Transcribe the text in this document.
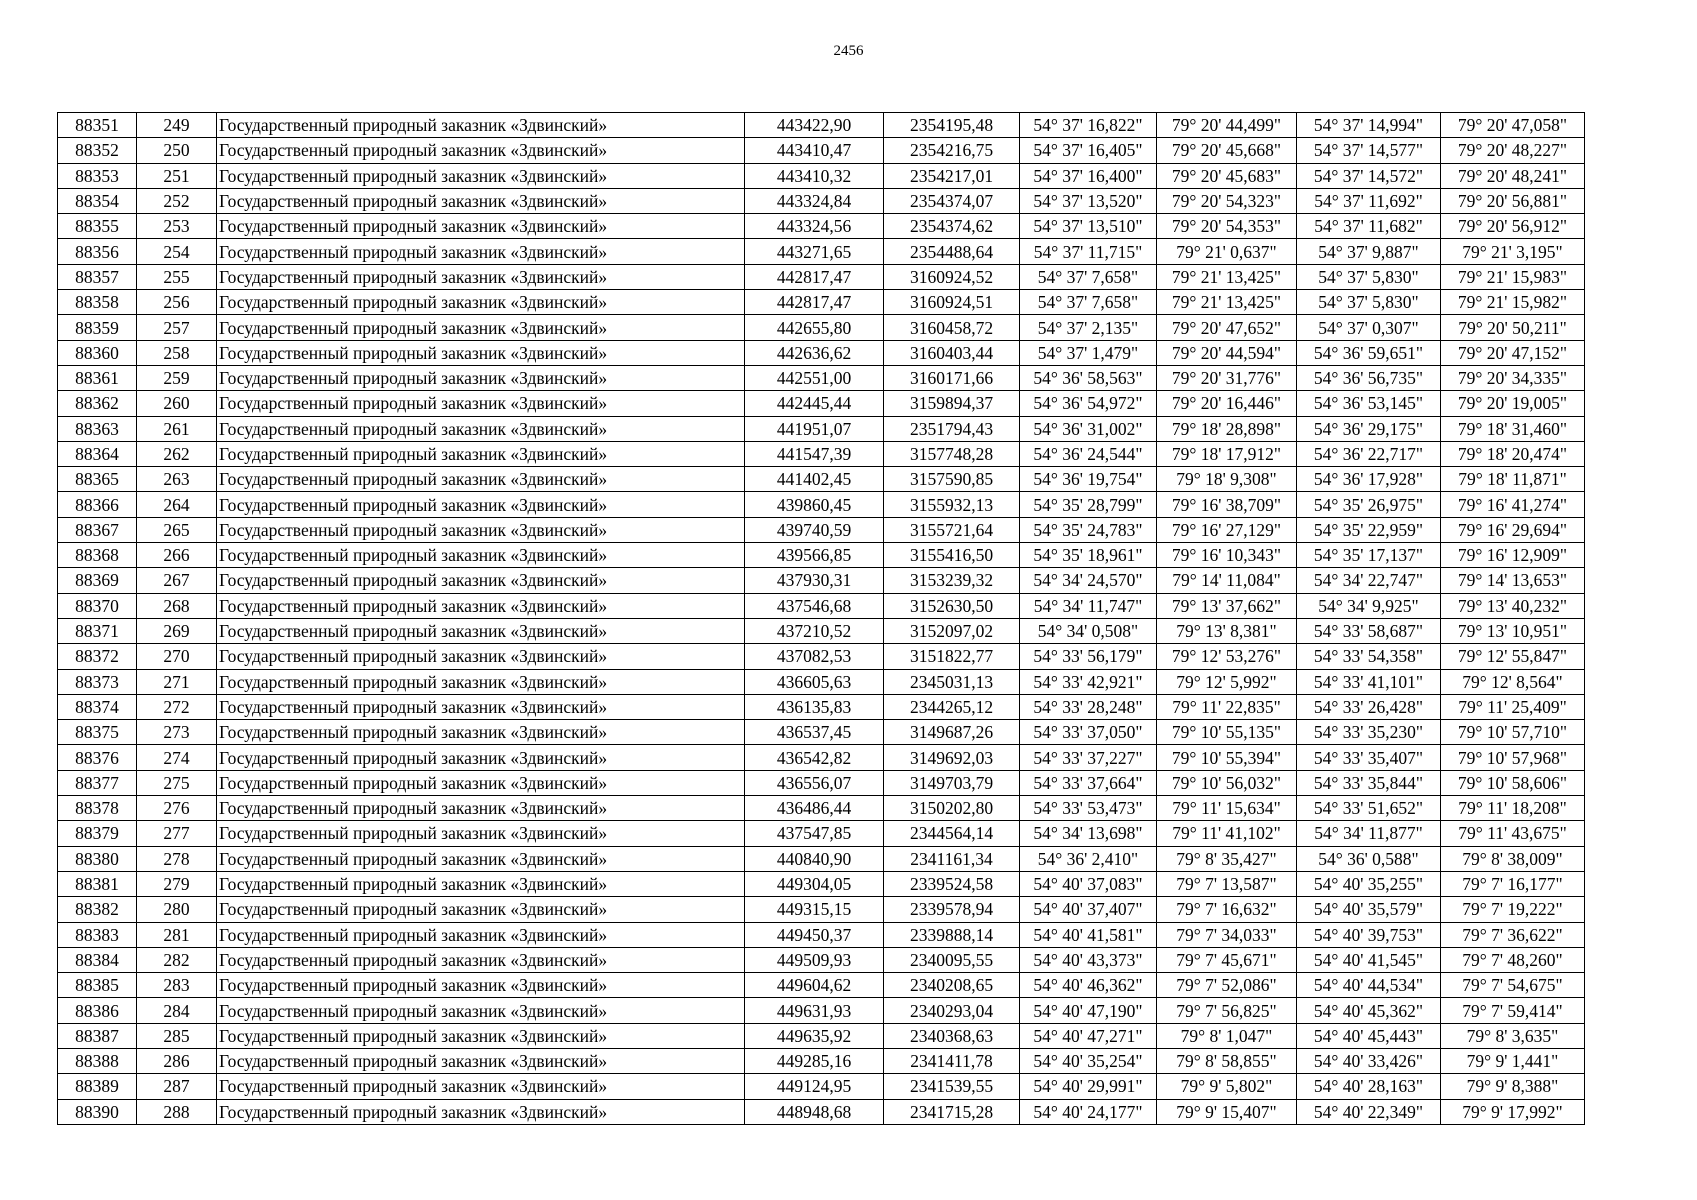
2456
88351	249	Государственный природный заказник «Здвинский»	443422,90	2354195,48	54° 37' 16,822"	79° 20' 44,499"	54° 37' 14,994"	79° 20' 47,058"
88352	250	Государственный природный заказник «Здвинский»	443410,47	2354216,75	54° 37' 16,405"	79° 20' 45,668"	54° 37' 14,577"	79° 20' 48,227"
88353	251	Государственный природный заказник «Здвинский»	443410,32	2354217,01	54° 37' 16,400"	79° 20' 45,683"	54° 37' 14,572"	79° 20' 48,241"
88354	252	Государственный природный заказник «Здвинский»	443324,84	2354374,07	54° 37' 13,520"	79° 20' 54,323"	54° 37' 11,692"	79° 20' 56,881"
88355	253	Государственный природный заказник «Здвинский»	443324,56	2354374,62	54° 37' 13,510"	79° 20' 54,353"	54° 37' 11,682"	79° 20' 56,912"
88356	254	Государственный природный заказник «Здвинский»	443271,65	2354488,64	54° 37' 11,715"	79° 21' 0,637"	54° 37' 9,887"	79° 21' 3,195"
88357	255	Государственный природный заказник «Здвинский»	442817,47	3160924,52	54° 37' 7,658"	79° 21' 13,425"	54° 37' 5,830"	79° 21' 15,983"
88358	256	Государственный природный заказник «Здвинский»	442817,47	3160924,51	54° 37' 7,658"	79° 21' 13,425"	54° 37' 5,830"	79° 21' 15,982"
88359	257	Государственный природный заказник «Здвинский»	442655,80	3160458,72	54° 37' 2,135"	79° 20' 47,652"	54° 37' 0,307"	79° 20' 50,211"
88360	258	Государственный природный заказник «Здвинский»	442636,62	3160403,44	54° 37' 1,479"	79° 20' 44,594"	54° 36' 59,651"	79° 20' 47,152"
88361	259	Государственный природный заказник «Здвинский»	442551,00	3160171,66	54° 36' 58,563"	79° 20' 31,776"	54° 36' 56,735"	79° 20' 34,335"
88362	260	Государственный природный заказник «Здвинский»	442445,44	3159894,37	54° 36' 54,972"	79° 20' 16,446"	54° 36' 53,145"	79° 20' 19,005"
88363	261	Государственный природный заказник «Здвинский»	441951,07	2351794,43	54° 36' 31,002"	79° 18' 28,898"	54° 36' 29,175"	79° 18' 31,460"
88364	262	Государственный природный заказник «Здвинский»	441547,39	3157748,28	54° 36' 24,544"	79° 18' 17,912"	54° 36' 22,717"	79° 18' 20,474"
88365	263	Государственный природный заказник «Здвинский»	441402,45	3157590,85	54° 36' 19,754"	79° 18' 9,308"	54° 36' 17,928"	79° 18' 11,871"
88366	264	Государственный природный заказник «Здвинский»	439860,45	3155932,13	54° 35' 28,799"	79° 16' 38,709"	54° 35' 26,975"	79° 16' 41,274"
88367	265	Государственный природный заказник «Здвинский»	439740,59	3155721,64	54° 35' 24,783"	79° 16' 27,129"	54° 35' 22,959"	79° 16' 29,694"
88368	266	Государственный природный заказник «Здвинский»	439566,85	3155416,50	54° 35' 18,961"	79° 16' 10,343"	54° 35' 17,137"	79° 16' 12,909"
88369	267	Государственный природный заказник «Здвинский»	437930,31	3153239,32	54° 34' 24,570"	79° 14' 11,084"	54° 34' 22,747"	79° 14' 13,653"
88370	268	Государственный природный заказник «Здвинский»	437546,68	3152630,50	54° 34' 11,747"	79° 13' 37,662"	54° 34' 9,925"	79° 13' 40,232"
88371	269	Государственный природный заказник «Здвинский»	437210,52	3152097,02	54° 34' 0,508"	79° 13' 8,381"	54° 33' 58,687"	79° 13' 10,951"
88372	270	Государственный природный заказник «Здвинский»	437082,53	3151822,77	54° 33' 56,179"	79° 12' 53,276"	54° 33' 54,358"	79° 12' 55,847"
88373	271	Государственный природный заказник «Здвинский»	436605,63	2345031,13	54° 33' 42,921"	79° 12' 5,992"	54° 33' 41,101"	79° 12' 8,564"
88374	272	Государственный природный заказник «Здвинский»	436135,83	2344265,12	54° 33' 28,248"	79° 11' 22,835"	54° 33' 26,428"	79° 11' 25,409"
88375	273	Государственный природный заказник «Здвинский»	436537,45	3149687,26	54° 33' 37,050"	79° 10' 55,135"	54° 33' 35,230"	79° 10' 57,710"
88376	274	Государственный природный заказник «Здвинский»	436542,82	3149692,03	54° 33' 37,227"	79° 10' 55,394"	54° 33' 35,407"	79° 10' 57,968"
88377	275	Государственный природный заказник «Здвинский»	436556,07	3149703,79	54° 33' 37,664"	79° 10' 56,032"	54° 33' 35,844"	79° 10' 58,606"
88378	276	Государственный природный заказник «Здвинский»	436486,44	3150202,80	54° 33' 53,473"	79° 11' 15,634"	54° 33' 51,652"	79° 11' 18,208"
88379	277	Государственный природный заказник «Здвинский»	437547,85	2344564,14	54° 34' 13,698"	79° 11' 41,102"	54° 34' 11,877"	79° 11' 43,675"
88380	278	Государственный природный заказник «Здвинский»	440840,90	2341161,34	54° 36' 2,410"	79° 8' 35,427"	54° 36' 0,588"	79° 8' 38,009"
88381	279	Государственный природный заказник «Здвинский»	449304,05	2339524,58	54° 40' 37,083"	79° 7' 13,587"	54° 40' 35,255"	79° 7' 16,177"
88382	280	Государственный природный заказник «Здвинский»	449315,15	2339578,94	54° 40' 37,407"	79° 7' 16,632"	54° 40' 35,579"	79° 7' 19,222"
88383	281	Государственный природный заказник «Здвинский»	449450,37	2339888,14	54° 40' 41,581"	79° 7' 34,033"	54° 40' 39,753"	79° 7' 36,622"
88384	282	Государственный природный заказник «Здвинский»	449509,93	2340095,55	54° 40' 43,373"	79° 7' 45,671"	54° 40' 41,545"	79° 7' 48,260"
88385	283	Государственный природный заказник «Здвинский»	449604,62	2340208,65	54° 40' 46,362"	79° 7' 52,086"	54° 40' 44,534"	79° 7' 54,675"
88386	284	Государственный природный заказник «Здвинский»	449631,93	2340293,04	54° 40' 47,190"	79° 7' 56,825"	54° 40' 45,362"	79° 7' 59,414"
88387	285	Государственный природный заказник «Здвинский»	449635,92	2340368,63	54° 40' 47,271"	79° 8' 1,047"	54° 40' 45,443"	79° 8' 3,635"
88388	286	Государственный природный заказник «Здвинский»	449285,16	2341411,78	54° 40' 35,254"	79° 8' 58,855"	54° 40' 33,426"	79° 9' 1,441"
88389	287	Государственный природный заказник «Здвинский»	449124,95	2341539,55	54° 40' 29,991"	79° 9' 5,802"	54° 40' 28,163"	79° 9' 8,388"
88390	288	Государственный природный заказник «Здвинский»	448948,68	2341715,28	54° 40' 24,177"	79° 9' 15,407"	54° 40' 22,349"	79° 9' 17,992"
